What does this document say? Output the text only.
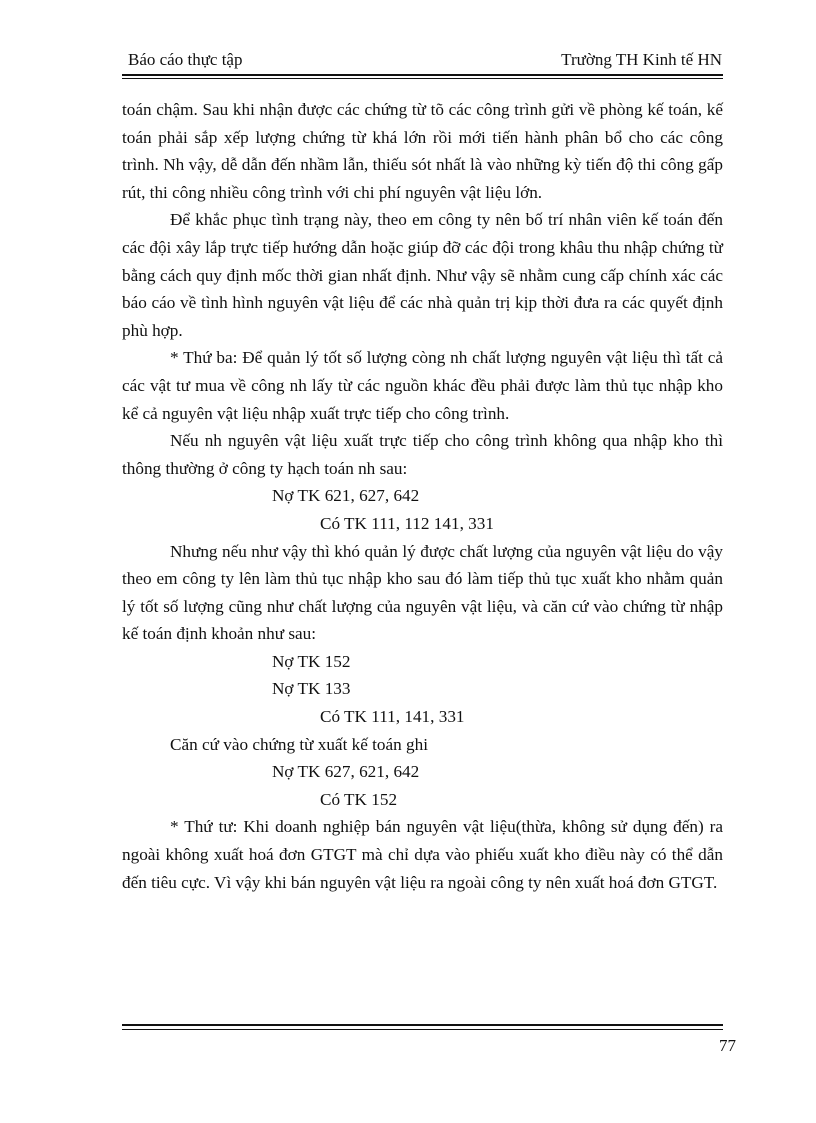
Báo cáo thực tập	Trường TH Kinh tế HN

toán chậm. Sau khi nhận được các chứng từ tõ các công trình gửi về phòng kế toán, kế toán phải sắp xếp lượng chứng từ khá lớn rồi mới tiến hành phân bổ cho các công trình. Nh vậy, dễ dẫn đến nhầm lẫn, thiếu sót nhất là vào những kỳ tiến độ thi công gấp rút, thi công nhiều công trình với chi phí nguyên vật liệu lớn.

Để khắc phục tình trạng này, theo em công ty nên bố trí nhân viên kế toán đến các đội xây lắp trực tiếp hướng dẫn hoặc giúp đỡ các đội trong khâu thu nhập chứng từ bằng cách quy định mốc thời gian nhất định. Như vậy sẽ nhằm cung cấp chính xác các báo cáo về tình hình nguyên vật liệu để các nhà quản trị kịp thời đưa ra các quyết định phù hợp.

* Thứ ba: Để quản lý tốt số lượng còng nh chất lượng nguyên vật liệu thì tất cả các vật tư mua về công nh lấy từ các nguồn khác đều phải được làm thủ tục nhập kho kể cả nguyên vật liệu nhập xuất trực tiếp cho công trình.

Nếu nh nguyên vật liệu xuất trực tiếp cho công trình không qua nhập kho thì thông thường ở công ty hạch toán nh sau:

Nợ TK 621, 627, 642

Có TK 111, 112 141, 331

Nhưng nếu như vậy thì khó quản lý được chất lượng của nguyên vật liệu do vậy theo em công ty lên làm thủ tục nhập kho sau đó làm tiếp thủ tục xuất kho nhằm quản lý tốt số lượng cũng như chất lượng của nguyên vật liệu, và căn cứ vào chứng từ nhập kế toán định khoản như sau:

Nợ TK 152

Nợ TK 133

Có TK 111, 141, 331

Căn cứ vào chứng từ xuất kế toán ghi

Nợ TK 627, 621, 642

Có TK 152

* Thứ tư: Khi doanh nghiệp bán nguyên vật liệu(thừa, không sử dụng đến) ra ngoài không xuất hoá đơn GTGT mà chỉ dựa vào phiếu xuất kho điều này có thể dẫn đến tiêu cực. Vì vậy khi bán nguyên vật liệu ra ngoài công ty nên xuất hoá đơn GTGT.

77
